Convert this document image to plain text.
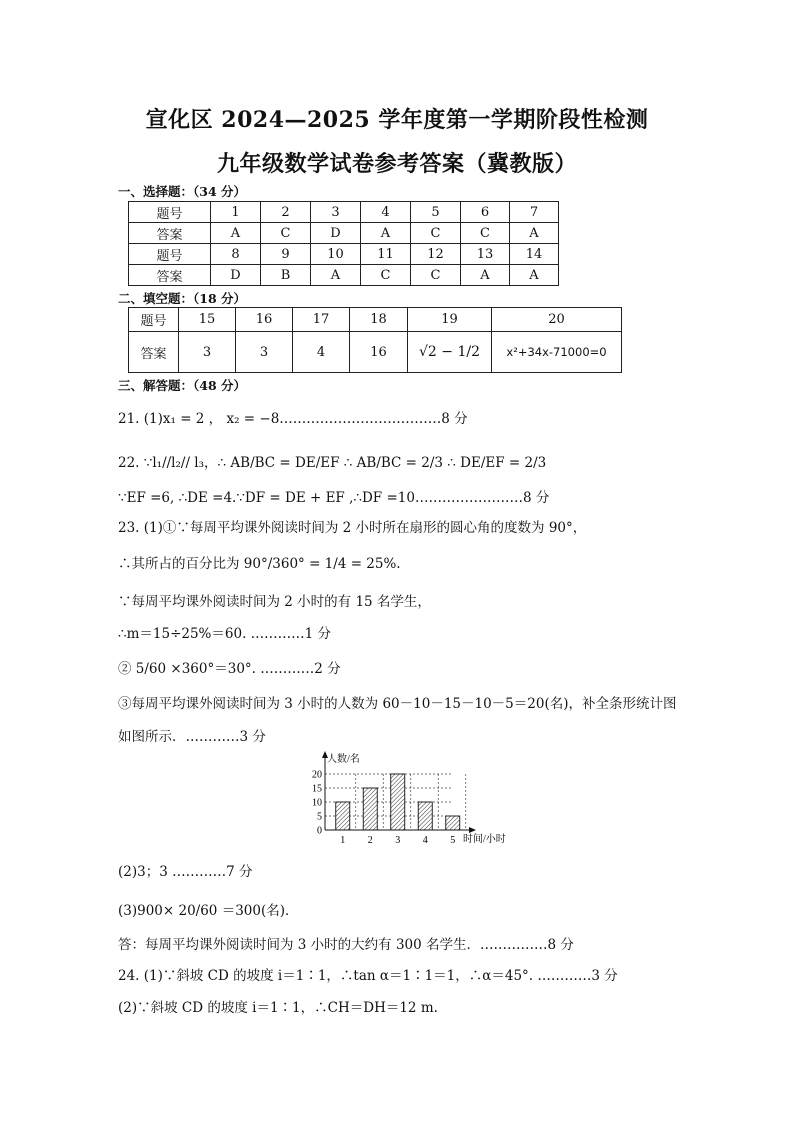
宣化区 2024—2025 学年度第一学期阶段性检测
九年级数学试卷参考答案（冀教版）
一、选择题：（34 分）
题号	1	2	3	4	5	6	7
答案	A	C	D	A	C	C	A
题号	8	9	10	11	12	13	14
答案	D	B	A	C	C	A	A
二、填空题：（18 分）
题号	15	16	17	18	19	20
答案	3	3	4	16	√2 − 1/2	x²+34x-71000=0
三、解答题：（48 分）
21. (1)x₁ = 2 ， x₂ = −8………………………………8 分
22. ∵l₁//l₂// l₃，∴ AB/BC = DE/EF ∴ AB/BC = 2/3 ∴ DE/EF = 2/3
∵EF =6, ∴DE =4.∵DF = DE + EF ,∴DF =10……………………8 分
23. (1)①∵每周平均课外阅读时间为 2 小时所在扇形的圆心角的度数为 90°，
∴其所占的百分比为 90°/360° = 1/4 = 25%.
∵每周平均课外阅读时间为 2 小时的有 15 名学生，
∴m＝15÷25%＝60. …………1 分
② 5/60 ×360°＝30°. …………2 分
③每周平均课外阅读时间为 3 小时的人数为 60－10－15－10－5＝20(名)，补全条形统计图
如图所示．…………3 分
0
5
10
15
20
1 2 3 4 5
人数/名
时间/小时
(2)3；3 …………7 分
(3)900× 20/60 ＝300(名)．
答：每周平均课外阅读时间为 3 小时的大约有 300 名学生．……………8 分
24. (1)∵斜坡 CD 的坡度 i＝1∶1，∴tan α＝1∶1＝1，∴α＝45°. …………3 分
(2)∵斜坡 CD 的坡度 i＝1∶1，∴CH＝DH＝12 m.
